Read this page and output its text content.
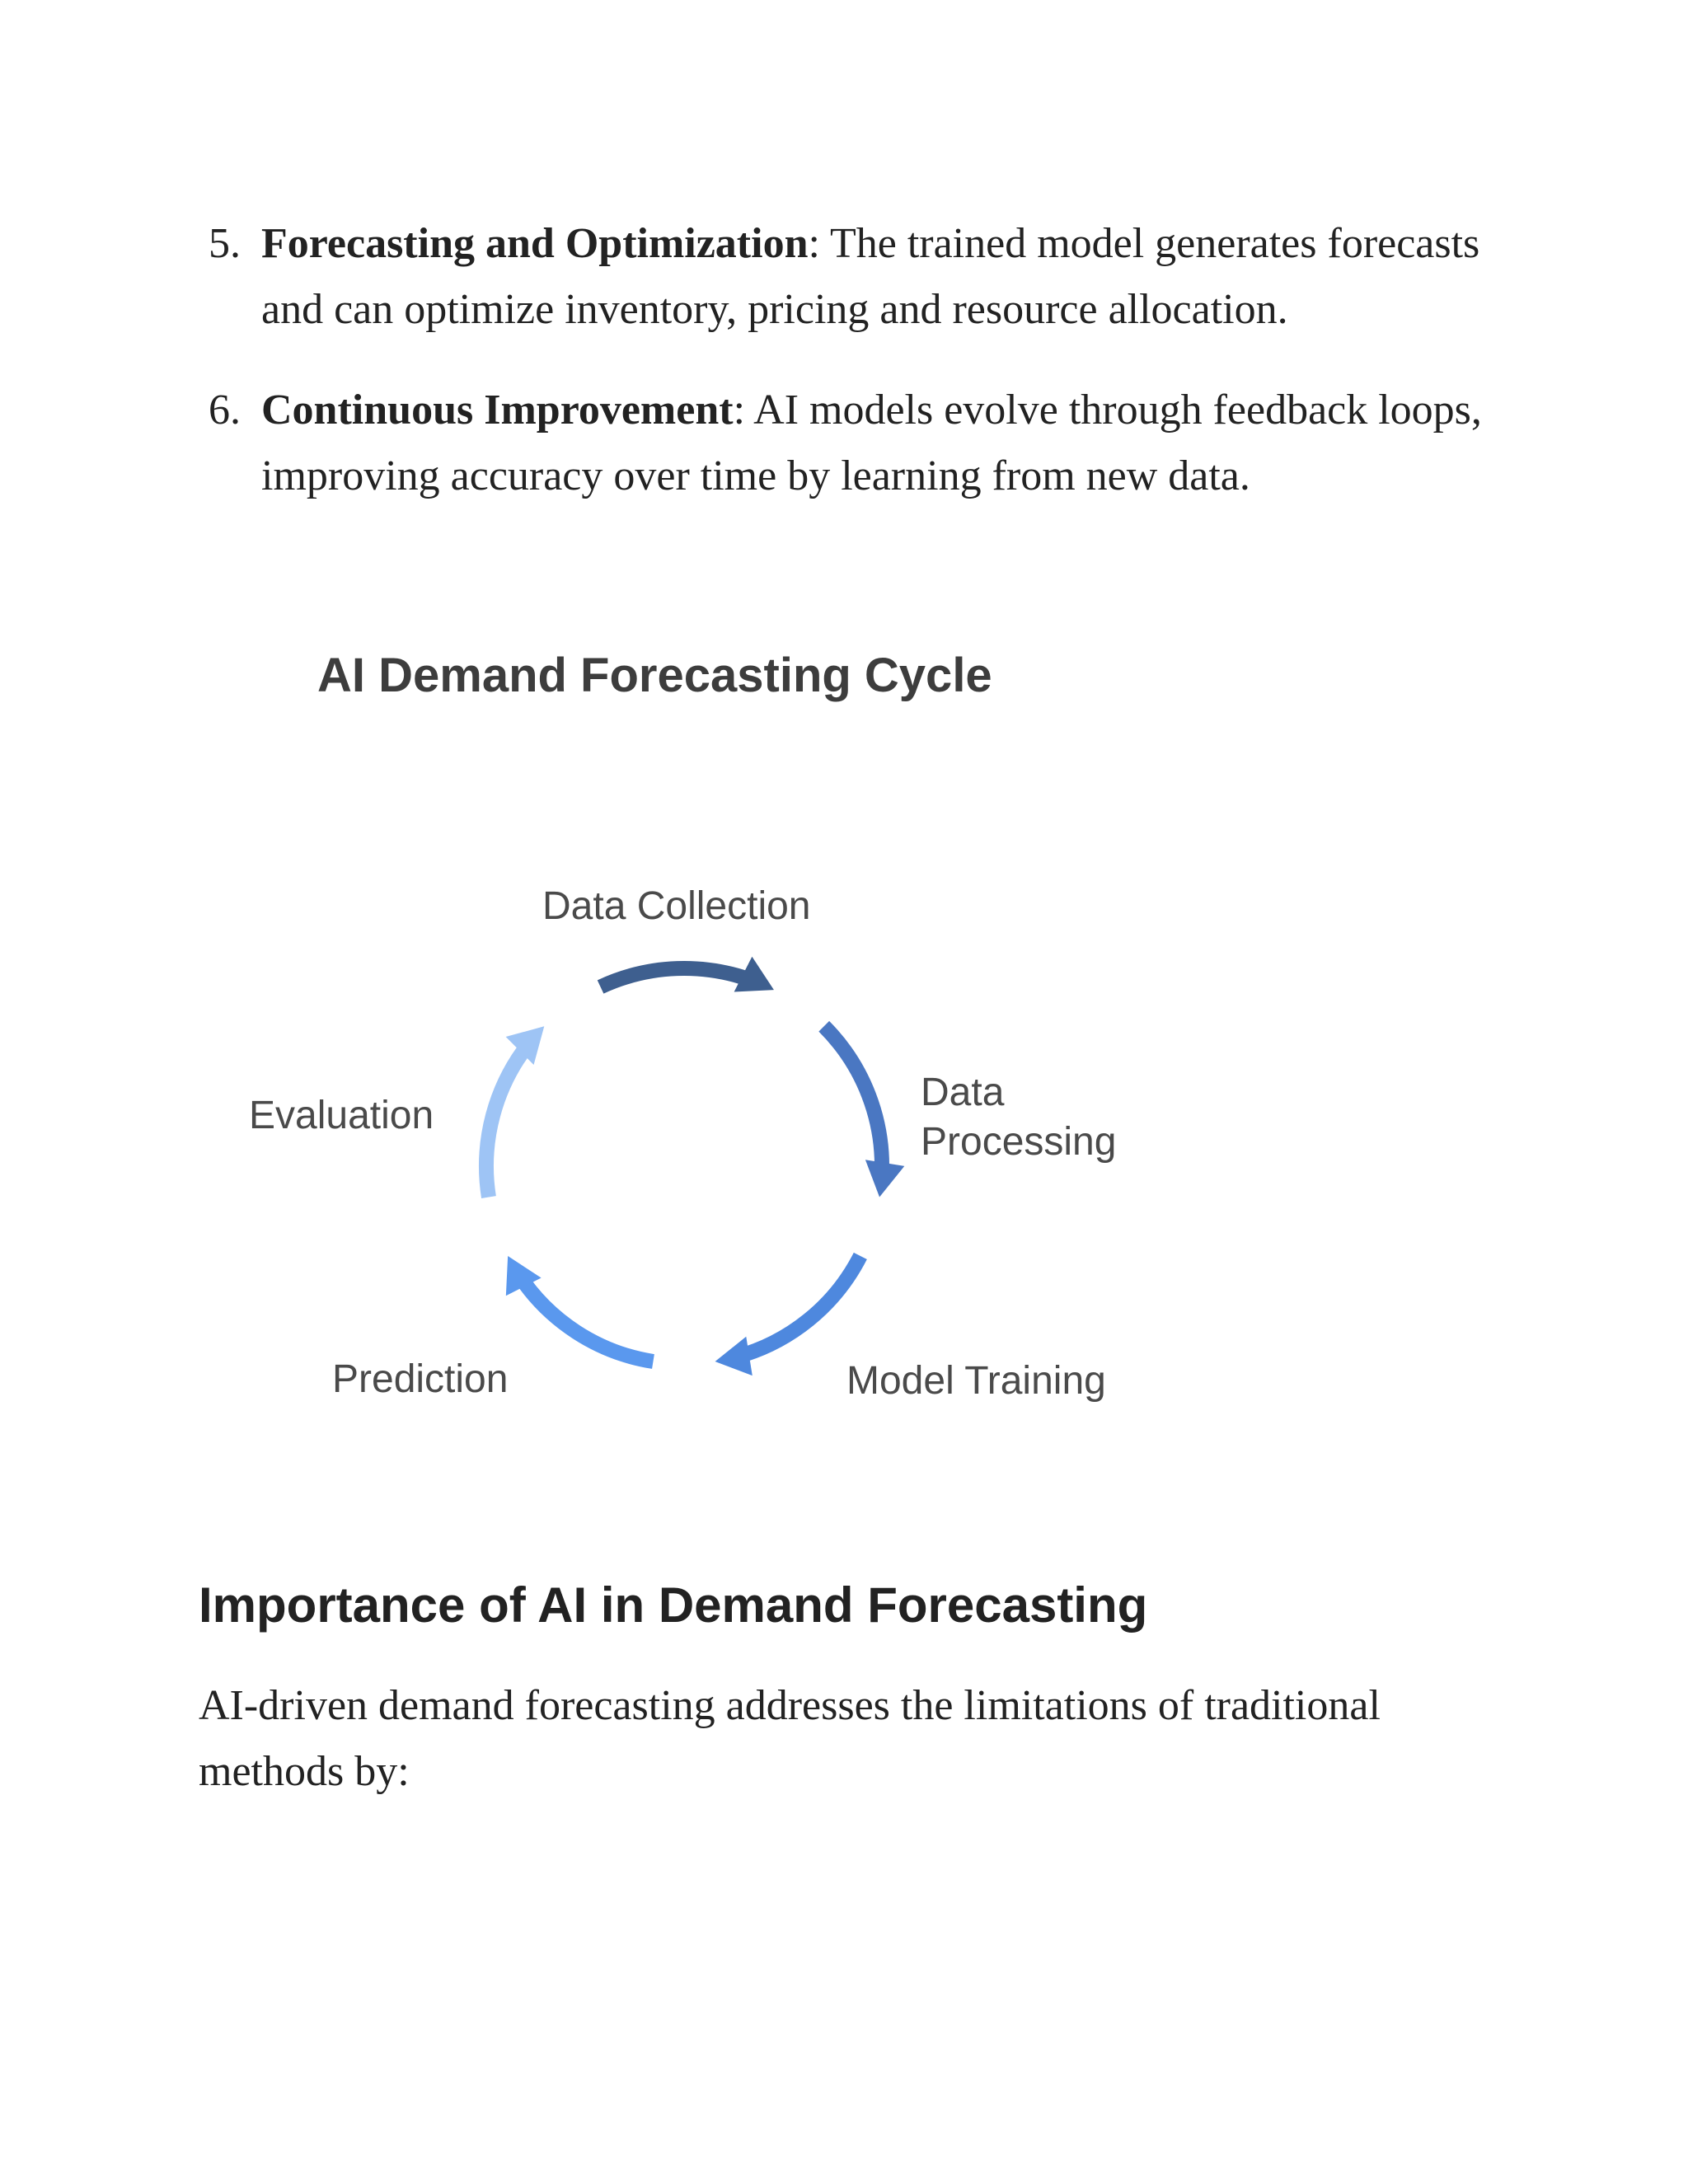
5. Forecasting and Optimization: The trained model generates forecasts and can optimize inventory, pricing and resource allocation.
6. Continuous Improvement: AI models evolve through feedback loops, improving accuracy over time by learning from new data.
AI Demand Forecasting Cycle
Data Collection
Data Processing
Model Training
Prediction
Evaluation
Importance of AI in Demand Forecasting

AI-driven demand forecasting addresses the limitations of traditional methods by:
